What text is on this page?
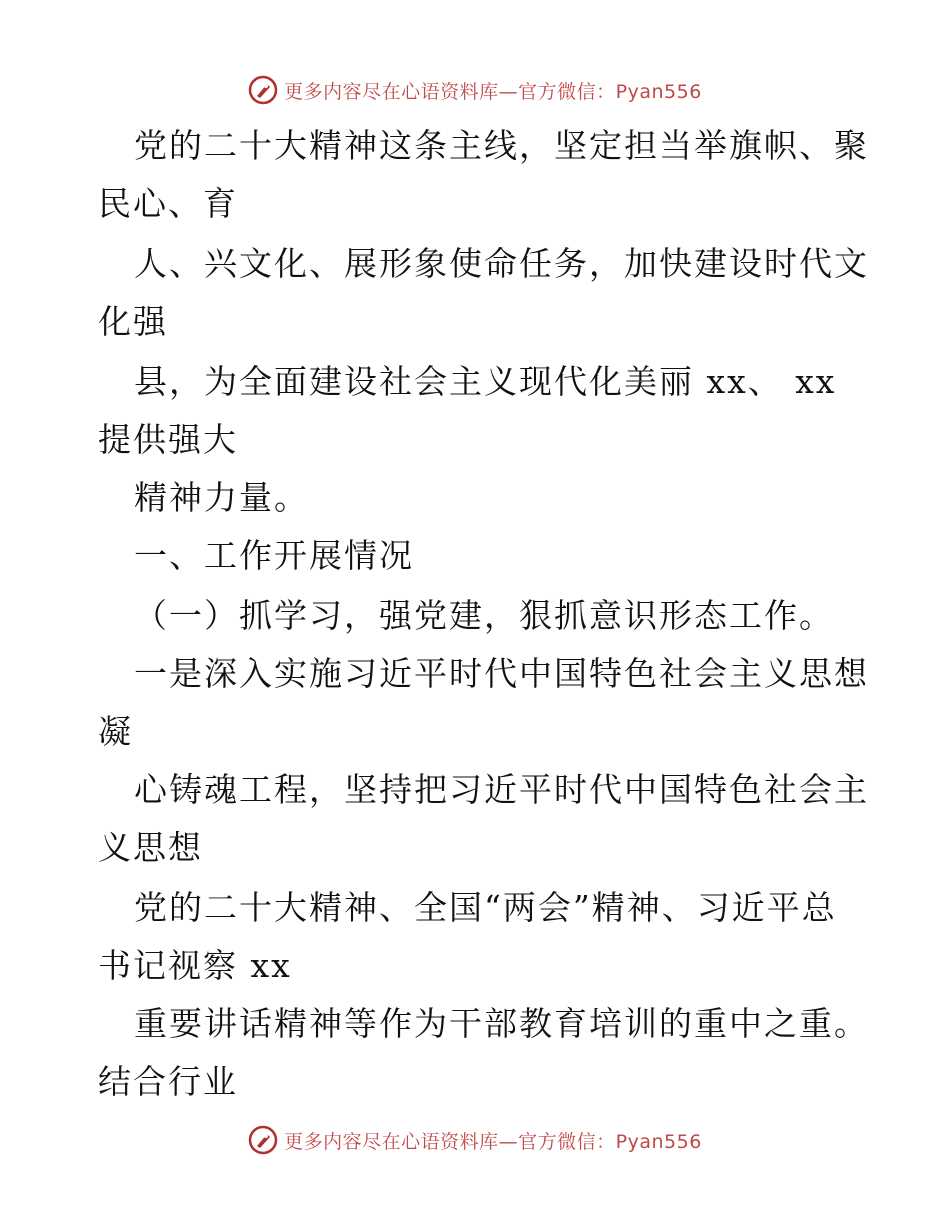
更多内容尽在心语资料库—官方微信：Pyan556
党的二十大精神这条主线，坚定担当举旗帜、聚
民心、育
人、兴文化、展形象使命任务，加快建设时代文
化强
县，为全面建设社会主义现代化美丽 xx、 xx
提供强大
精神力量。
一、工作开展情况
（一）抓学习，强党建，狠抓意识形态工作。
一是深入实施习近平时代中国特色社会主义思想
凝
心铸魂工程，坚持把习近平时代中国特色社会主
义思想
党的二十大精神、全国“两会”精神、习近平总
书记视察 xx
重要讲话精神等作为干部教育培训的重中之重。
结合行业
更多内容尽在心语资料库—官方微信：Pyan556
